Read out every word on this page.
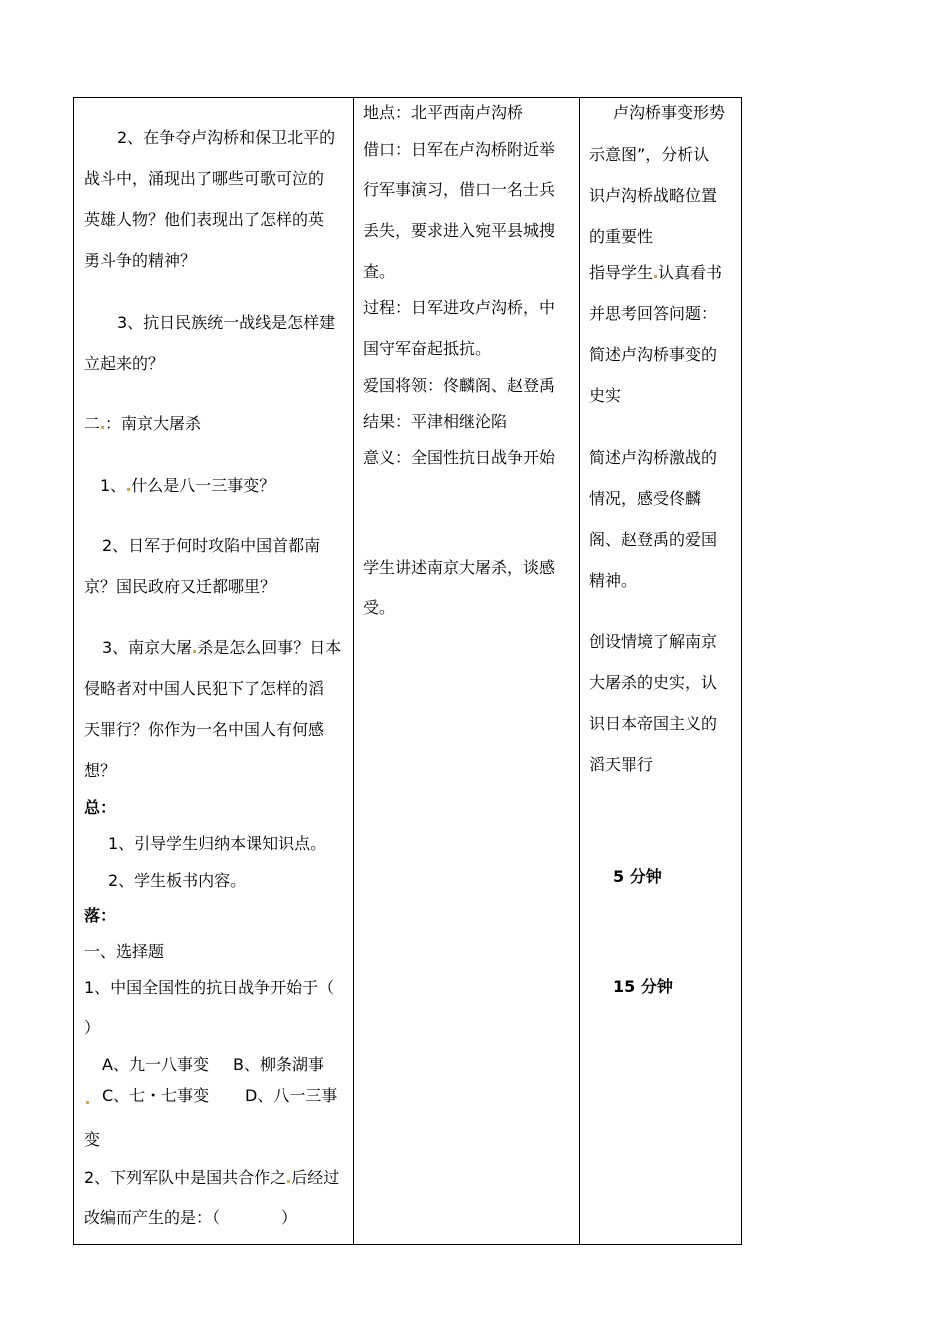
2、在争夺卢沟桥和保卫北平的
战斗中，涌现出了哪些可歌可泣的
英雄人物？他们表现出了怎样的英
勇斗争的精神？
3、抗日民族统一战线是怎样建
立起来的？
二 ：南京大屠杀
1、 什么是八一三事变？
2、日军于何时攻陷中国首都南
京？国民政府又迁都哪里？
3、南京大屠 杀是怎么回事？日本
侵略者对中国人民犯下了怎样的滔
天罪行？你作为一名中国人有何感
想？
总：
1、引导学生归纳本课知识点。
2、学生板书内容。
落：
一、选择题
1、中国全国性的抗日战争开始于（
）
A、九一八事变 B、柳条湖事
C、七・七事变 D、八一三事
变
2、下列军队中是国共合作之 后经过
改编而产生的是：（            ）
地点：北平西南卢沟桥
借口：日军在卢沟桥附近举
行军事演习，借口一名士兵
丢失，要求进入宛平县城搜
查。
过程：日军进攻卢沟桥，中
国守军奋起抵抗。
爱国将领：佟麟阁、赵登禹
结果：平津相继沦陷
意义：全国性抗日战争开始
学生讲述南京大屠杀，谈感
受。
卢沟桥事变形势
示意图”，分析认
识卢沟桥战略位置
的重要性
指导学生 认真看书
并思考回答问题：
简述卢沟桥事变的
史实
简述卢沟桥激战的
情况，感受佟麟
阁、赵登禹的爱国
精神。
创设情境了解南京
大屠杀的史实，认
识日本帝国主义的
滔天罪行
5 分钟
15 分钟
